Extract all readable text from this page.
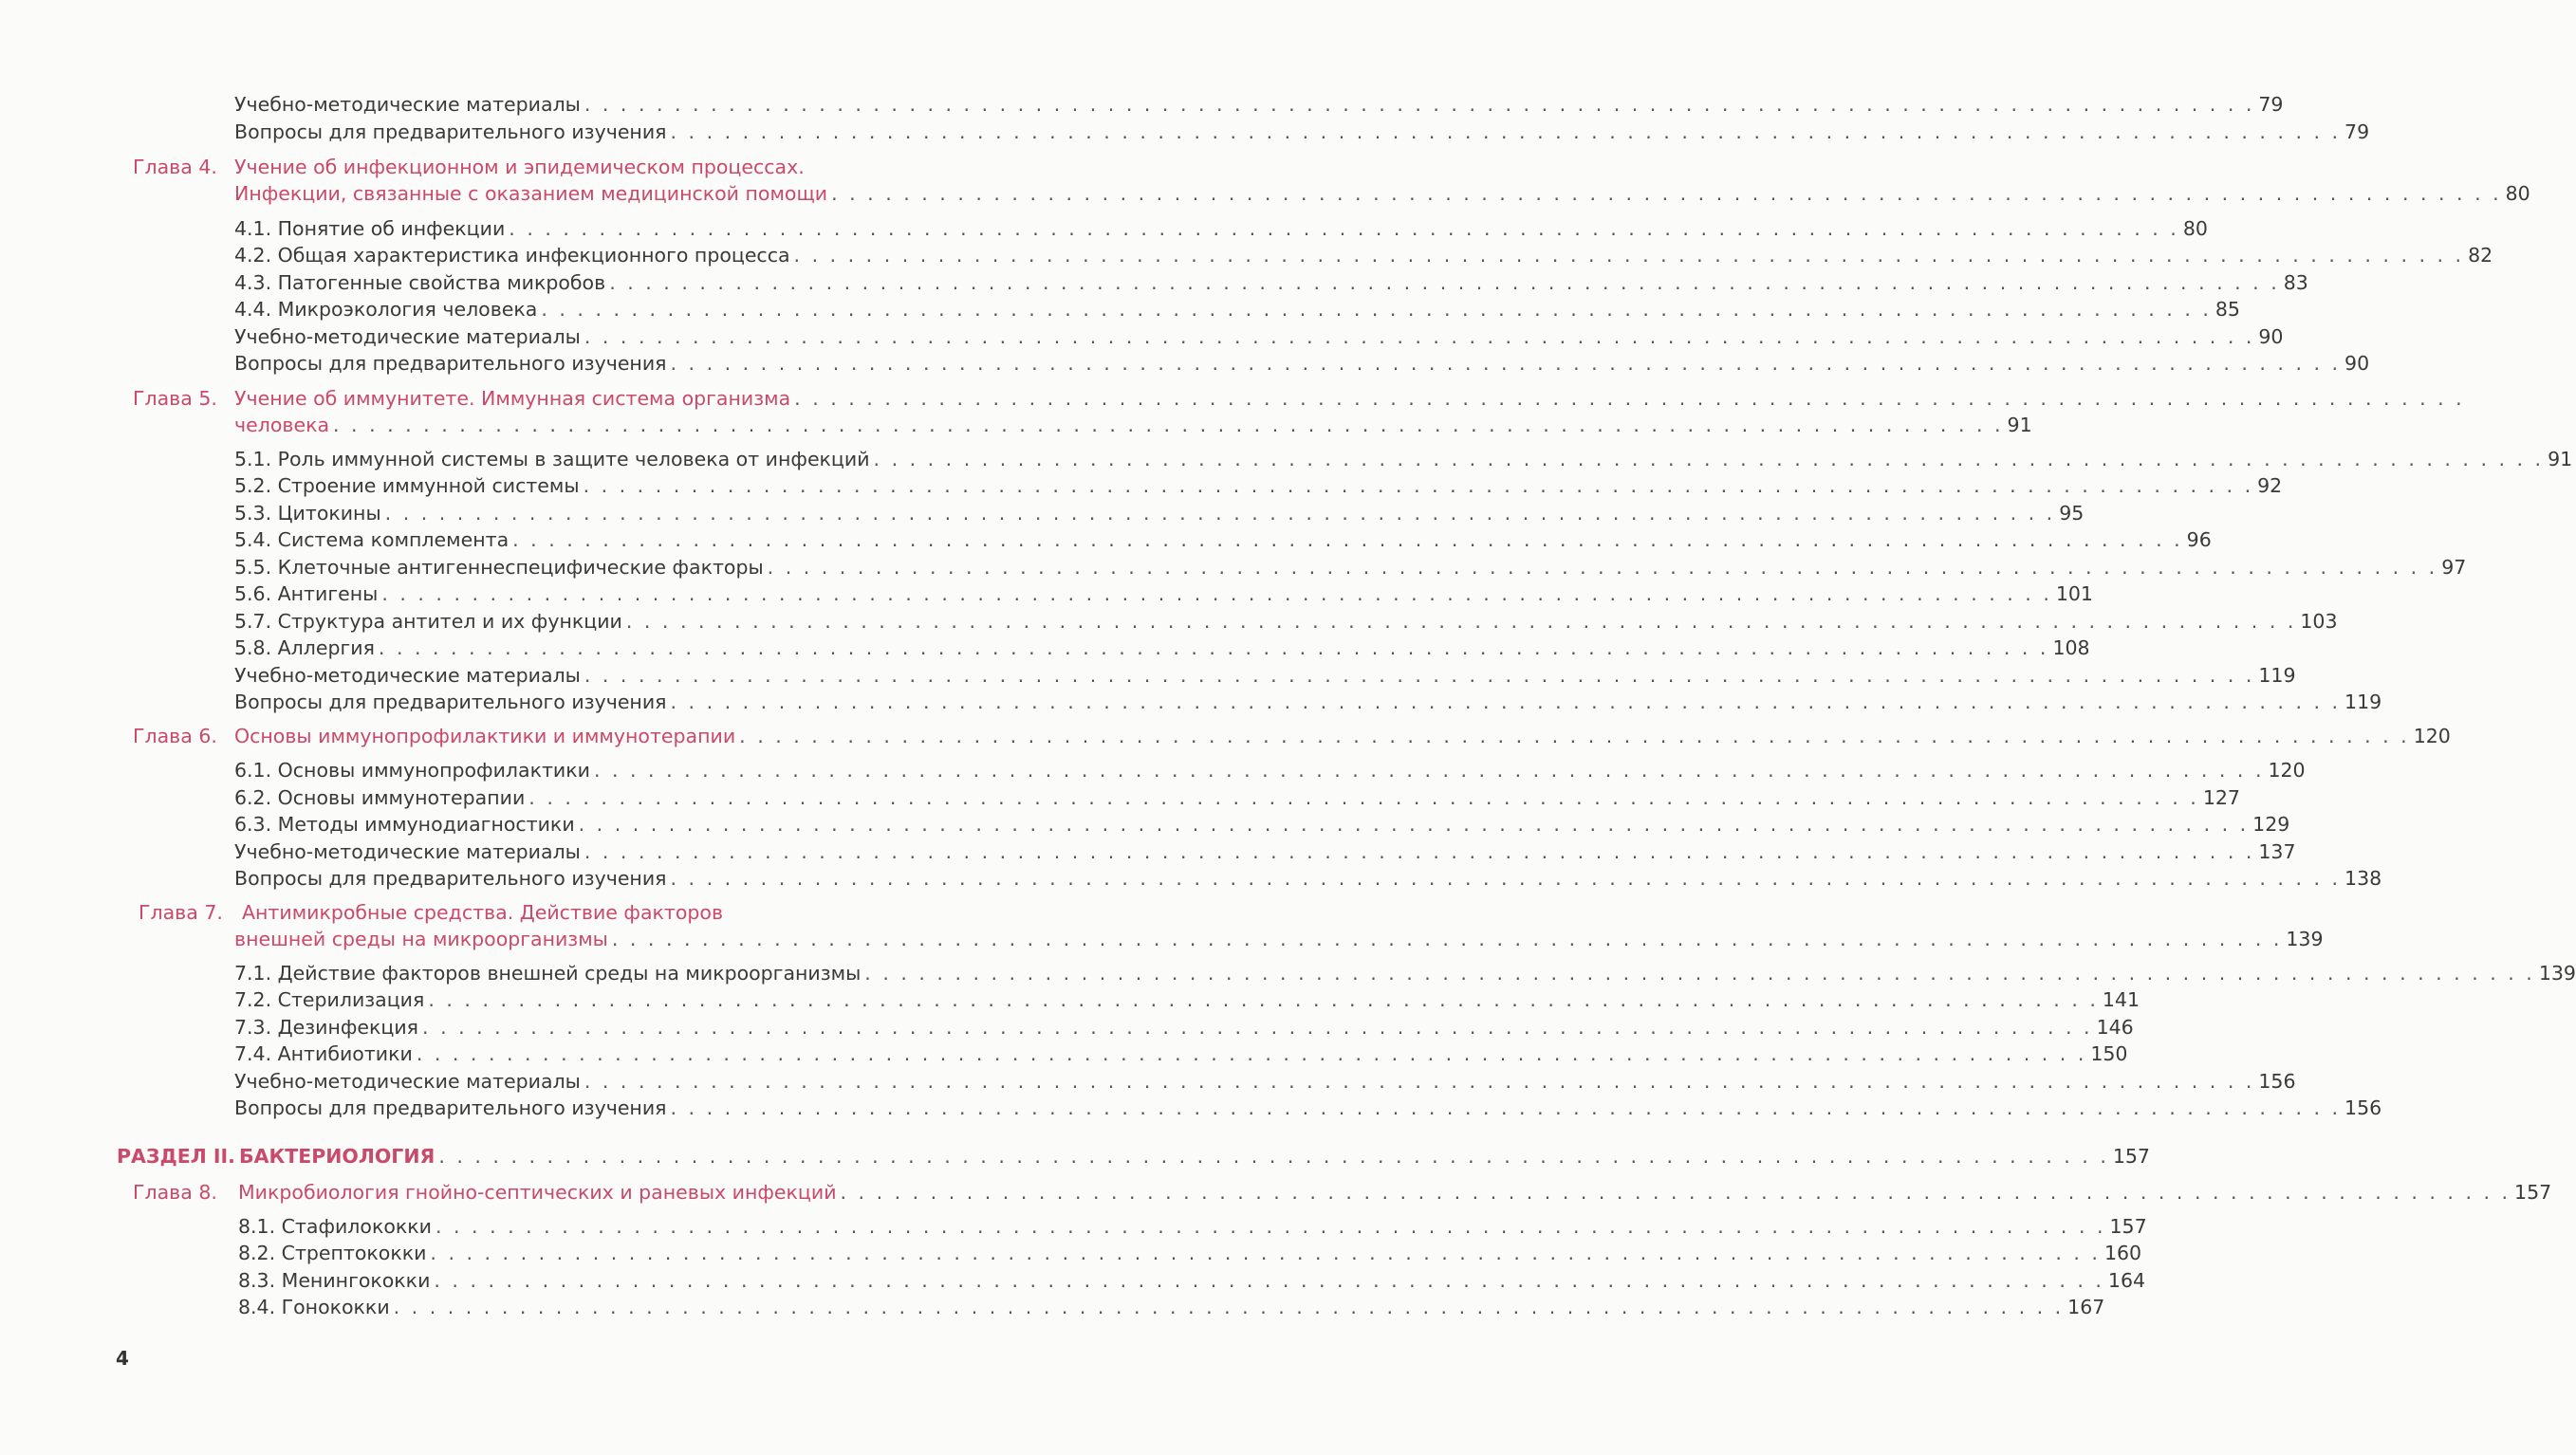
Учебно-методические материалы . . . . . . . . . . . . . . . . . . . . . . . . . . . . . . . . . . . . . . . . . . . . . . . . . . . . . . . . . . . . . . . . . . . . . . . . . . . . . . . . . . . . . . . . . . . . . 79
Вопросы для предварительного изучения . . . . . . . . . . . . . . . . . . . . . . . . . . . . . . . . . . . . . . . . . . . . . . . . . . . . . . . . . . . . . . . . . . . . . . . . . . . . . . . . . . . . . . . . . . . . . 79
Глава 4. Учение об инфекционном и эпидемическом процессах.
Инфекции, связанные с оказанием медицинской помощи . . . . . . . . . . . . . . . . . . . . . . . . . . . . . . . . . . . . . . . . . . . . . . . . . . . . . . . . . . . . . . . . . . . . . . . . . . . . . . . . . . . . . . . . . . . . . 80
4.1. Понятие об инфекции . . . . . . . . . . . . . . . . . . . . . . . . . . . . . . . . . . . . . . . . . . . . . . . . . . . . . . . . . . . . . . . . . . . . . . . . . . . . . . . . . . . . . . . . . . . . . 80
4.2. Общая характеристика инфекционного процесса . . . . . . . . . . . . . . . . . . . . . . . . . . . . . . . . . . . . . . . . . . . . . . . . . . . . . . . . . . . . . . . . . . . . . . . . . . . . . . . . . . . . . . . . . . . . . 82
4.3. Патогенные свойства микробов . . . . . . . . . . . . . . . . . . . . . . . . . . . . . . . . . . . . . . . . . . . . . . . . . . . . . . . . . . . . . . . . . . . . . . . . . . . . . . . . . . . . . . . . . . . . . 83
4.4. Микроэкология человека . . . . . . . . . . . . . . . . . . . . . . . . . . . . . . . . . . . . . . . . . . . . . . . . . . . . . . . . . . . . . . . . . . . . . . . . . . . . . . . . . . . . . . . . . . . . . 85
Учебно-методические материалы . . . . . . . . . . . . . . . . . . . . . . . . . . . . . . . . . . . . . . . . . . . . . . . . . . . . . . . . . . . . . . . . . . . . . . . . . . . . . . . . . . . . . . . . . . . . . 90
Вопросы для предварительного изучения . . . . . . . . . . . . . . . . . . . . . . . . . . . . . . . . . . . . . . . . . . . . . . . . . . . . . . . . . . . . . . . . . . . . . . . . . . . . . . . . . . . . . . . . . . . . . 90
Глава 5. Учение об иммунитете. Иммунная система организма . . . . . . . . . . . . . . . . . . . . . . . . . . . . . . . . . . . . . . . . . . . . . . . . . . . . . . . . . . . . . . . . . . . . . . . . . . . . . . . . . . . . . . . . . . . . .
человека . . . . . . . . . . . . . . . . . . . . . . . . . . . . . . . . . . . . . . . . . . . . . . . . . . . . . . . . . . . . . . . . . . . . . . . . . . . . . . . . . . . . . . . . . . . . . 91
5.1. Роль иммунной системы в защите человека от инфекций . . . . . . . . . . . . . . . . . . . . . . . . . . . . . . . . . . . . . . . . . . . . . . . . . . . . . . . . . . . . . . . . . . . . . . . . . . . . . . . . . . . . . . . . . . . . . 91
5.2. Строение иммунной системы . . . . . . . . . . . . . . . . . . . . . . . . . . . . . . . . . . . . . . . . . . . . . . . . . . . . . . . . . . . . . . . . . . . . . . . . . . . . . . . . . . . . . . . . . . . . . 92
5.3. Цитокины . . . . . . . . . . . . . . . . . . . . . . . . . . . . . . . . . . . . . . . . . . . . . . . . . . . . . . . . . . . . . . . . . . . . . . . . . . . . . . . . . . . . . . . . . . . . . 95
5.4. Система комплемента . . . . . . . . . . . . . . . . . . . . . . . . . . . . . . . . . . . . . . . . . . . . . . . . . . . . . . . . . . . . . . . . . . . . . . . . . . . . . . . . . . . . . . . . . . . . . 96
5.5. Клеточные антигеннеспецифические факторы . . . . . . . . . . . . . . . . . . . . . . . . . . . . . . . . . . . . . . . . . . . . . . . . . . . . . . . . . . . . . . . . . . . . . . . . . . . . . . . . . . . . . . . . . . . . . 97
5.6. Антигены . . . . . . . . . . . . . . . . . . . . . . . . . . . . . . . . . . . . . . . . . . . . . . . . . . . . . . . . . . . . . . . . . . . . . . . . . . . . . . . . . . . . . . . . . . . . . 101
5.7. Структура антител и их функции . . . . . . . . . . . . . . . . . . . . . . . . . . . . . . . . . . . . . . . . . . . . . . . . . . . . . . . . . . . . . . . . . . . . . . . . . . . . . . . . . . . . . . . . . . . . . 103
5.8. Аллергия . . . . . . . . . . . . . . . . . . . . . . . . . . . . . . . . . . . . . . . . . . . . . . . . . . . . . . . . . . . . . . . . . . . . . . . . . . . . . . . . . . . . . . . . . . . . . 108
Учебно-методические материалы . . . . . . . . . . . . . . . . . . . . . . . . . . . . . . . . . . . . . . . . . . . . . . . . . . . . . . . . . . . . . . . . . . . . . . . . . . . . . . . . . . . . . . . . . . . . . 119
Вопросы для предварительного изучения . . . . . . . . . . . . . . . . . . . . . . . . . . . . . . . . . . . . . . . . . . . . . . . . . . . . . . . . . . . . . . . . . . . . . . . . . . . . . . . . . . . . . . . . . . . . . 119
Глава 6. Основы иммунопрофилактики и иммунотерапии . . . . . . . . . . . . . . . . . . . . . . . . . . . . . . . . . . . . . . . . . . . . . . . . . . . . . . . . . . . . . . . . . . . . . . . . . . . . . . . . . . . . . . . . . . . . . 120
6.1. Основы иммунопрофилактики . . . . . . . . . . . . . . . . . . . . . . . . . . . . . . . . . . . . . . . . . . . . . . . . . . . . . . . . . . . . . . . . . . . . . . . . . . . . . . . . . . . . . . . . . . . . . 120
6.2. Основы иммунотерапии . . . . . . . . . . . . . . . . . . . . . . . . . . . . . . . . . . . . . . . . . . . . . . . . . . . . . . . . . . . . . . . . . . . . . . . . . . . . . . . . . . . . . . . . . . . . . 127
6.3. Методы иммунодиагностики . . . . . . . . . . . . . . . . . . . . . . . . . . . . . . . . . . . . . . . . . . . . . . . . . . . . . . . . . . . . . . . . . . . . . . . . . . . . . . . . . . . . . . . . . . . . . 129
Учебно-методические материалы . . . . . . . . . . . . . . . . . . . . . . . . . . . . . . . . . . . . . . . . . . . . . . . . . . . . . . . . . . . . . . . . . . . . . . . . . . . . . . . . . . . . . . . . . . . . . 137
Вопросы для предварительного изучения . . . . . . . . . . . . . . . . . . . . . . . . . . . . . . . . . . . . . . . . . . . . . . . . . . . . . . . . . . . . . . . . . . . . . . . . . . . . . . . . . . . . . . . . . . . . . 138
Глава 7. Антимикробные средства. Действие факторов
внешней среды на микроорганизмы . . . . . . . . . . . . . . . . . . . . . . . . . . . . . . . . . . . . . . . . . . . . . . . . . . . . . . . . . . . . . . . . . . . . . . . . . . . . . . . . . . . . . . . . . . . . . 139
7.1. Действие факторов внешней среды на микроорганизмы . . . . . . . . . . . . . . . . . . . . . . . . . . . . . . . . . . . . . . . . . . . . . . . . . . . . . . . . . . . . . . . . . . . . . . . . . . . . . . . . . . . . . . . . . . . . . 139
7.2. Стерилизация . . . . . . . . . . . . . . . . . . . . . . . . . . . . . . . . . . . . . . . . . . . . . . . . . . . . . . . . . . . . . . . . . . . . . . . . . . . . . . . . . . . . . . . . . . . . . 141
7.3. Дезинфекция . . . . . . . . . . . . . . . . . . . . . . . . . . . . . . . . . . . . . . . . . . . . . . . . . . . . . . . . . . . . . . . . . . . . . . . . . . . . . . . . . . . . . . . . . . . . . 146
7.4. Антибиотики . . . . . . . . . . . . . . . . . . . . . . . . . . . . . . . . . . . . . . . . . . . . . . . . . . . . . . . . . . . . . . . . . . . . . . . . . . . . . . . . . . . . . . . . . . . . . 150
Учебно-методические материалы . . . . . . . . . . . . . . . . . . . . . . . . . . . . . . . . . . . . . . . . . . . . . . . . . . . . . . . . . . . . . . . . . . . . . . . . . . . . . . . . . . . . . . . . . . . . . 156
Вопросы для предварительного изучения . . . . . . . . . . . . . . . . . . . . . . . . . . . . . . . . . . . . . . . . . . . . . . . . . . . . . . . . . . . . . . . . . . . . . . . . . . . . . . . . . . . . . . . . . . . . . 156
РАЗДЕЛ II. БАКТЕРИОЛОГИЯ . . . . . . . . . . . . . . . . . . . . . . . . . . . . . . . . . . . . . . . . . . . . . . . . . . . . . . . . . . . . . . . . . . . . . . . . . . . . . . . . . . . . . . . . . . . . . 157
Глава 8. Микробиология гнойно-септических и раневых инфекций . . . . . . . . . . . . . . . . . . . . . . . . . . . . . . . . . . . . . . . . . . . . . . . . . . . . . . . . . . . . . . . . . . . . . . . . . . . . . . . . . . . . . . . . . . . . . 157
8.1. Стафилококки . . . . . . . . . . . . . . . . . . . . . . . . . . . . . . . . . . . . . . . . . . . . . . . . . . . . . . . . . . . . . . . . . . . . . . . . . . . . . . . . . . . . . . . . . . . . . 157
8.2. Стрептококки . . . . . . . . . . . . . . . . . . . . . . . . . . . . . . . . . . . . . . . . . . . . . . . . . . . . . . . . . . . . . . . . . . . . . . . . . . . . . . . . . . . . . . . . . . . . . 160
8.3. Менингококки . . . . . . . . . . . . . . . . . . . . . . . . . . . . . . . . . . . . . . . . . . . . . . . . . . . . . . . . . . . . . . . . . . . . . . . . . . . . . . . . . . . . . . . . . . . . . 164
8.4. Гонококки . . . . . . . . . . . . . . . . . . . . . . . . . . . . . . . . . . . . . . . . . . . . . . . . . . . . . . . . . . . . . . . . . . . . . . . . . . . . . . . . . . . . . . . . . . . . . 167
4
